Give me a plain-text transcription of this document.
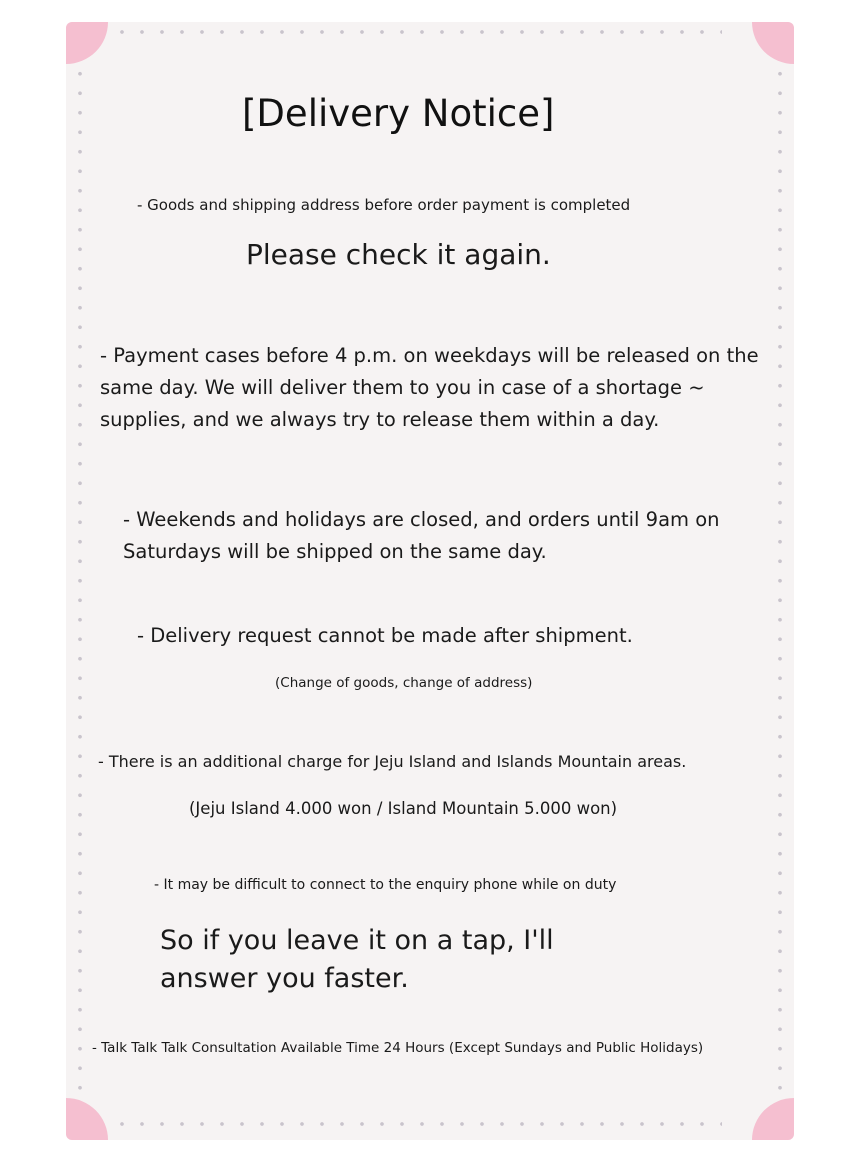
[Delivery Notice]

- Goods and shipping address before order payment is completed

Please check it again.

- Payment cases before 4 p.m. on weekdays will be released on the same day. We will deliver them to you in case of a shortage ~ supplies, and we always try to release them within a day.

- Weekends and holidays are closed, and orders until 9am on Saturdays will be shipped on the same day.

- Delivery request cannot be made after shipment.

(Change of goods, change of address)

- There is an additional charge for Jeju Island and Islands Mountain areas.

(Jeju Island 4.000 won / Island Mountain 5.000 won)

- It may be difficult to connect to the enquiry phone while on duty

So if you leave it on a tap, I'll answer you faster.

- Talk Talk Talk Consultation Available Time 24 Hours (Except Sundays and Public Holidays)
